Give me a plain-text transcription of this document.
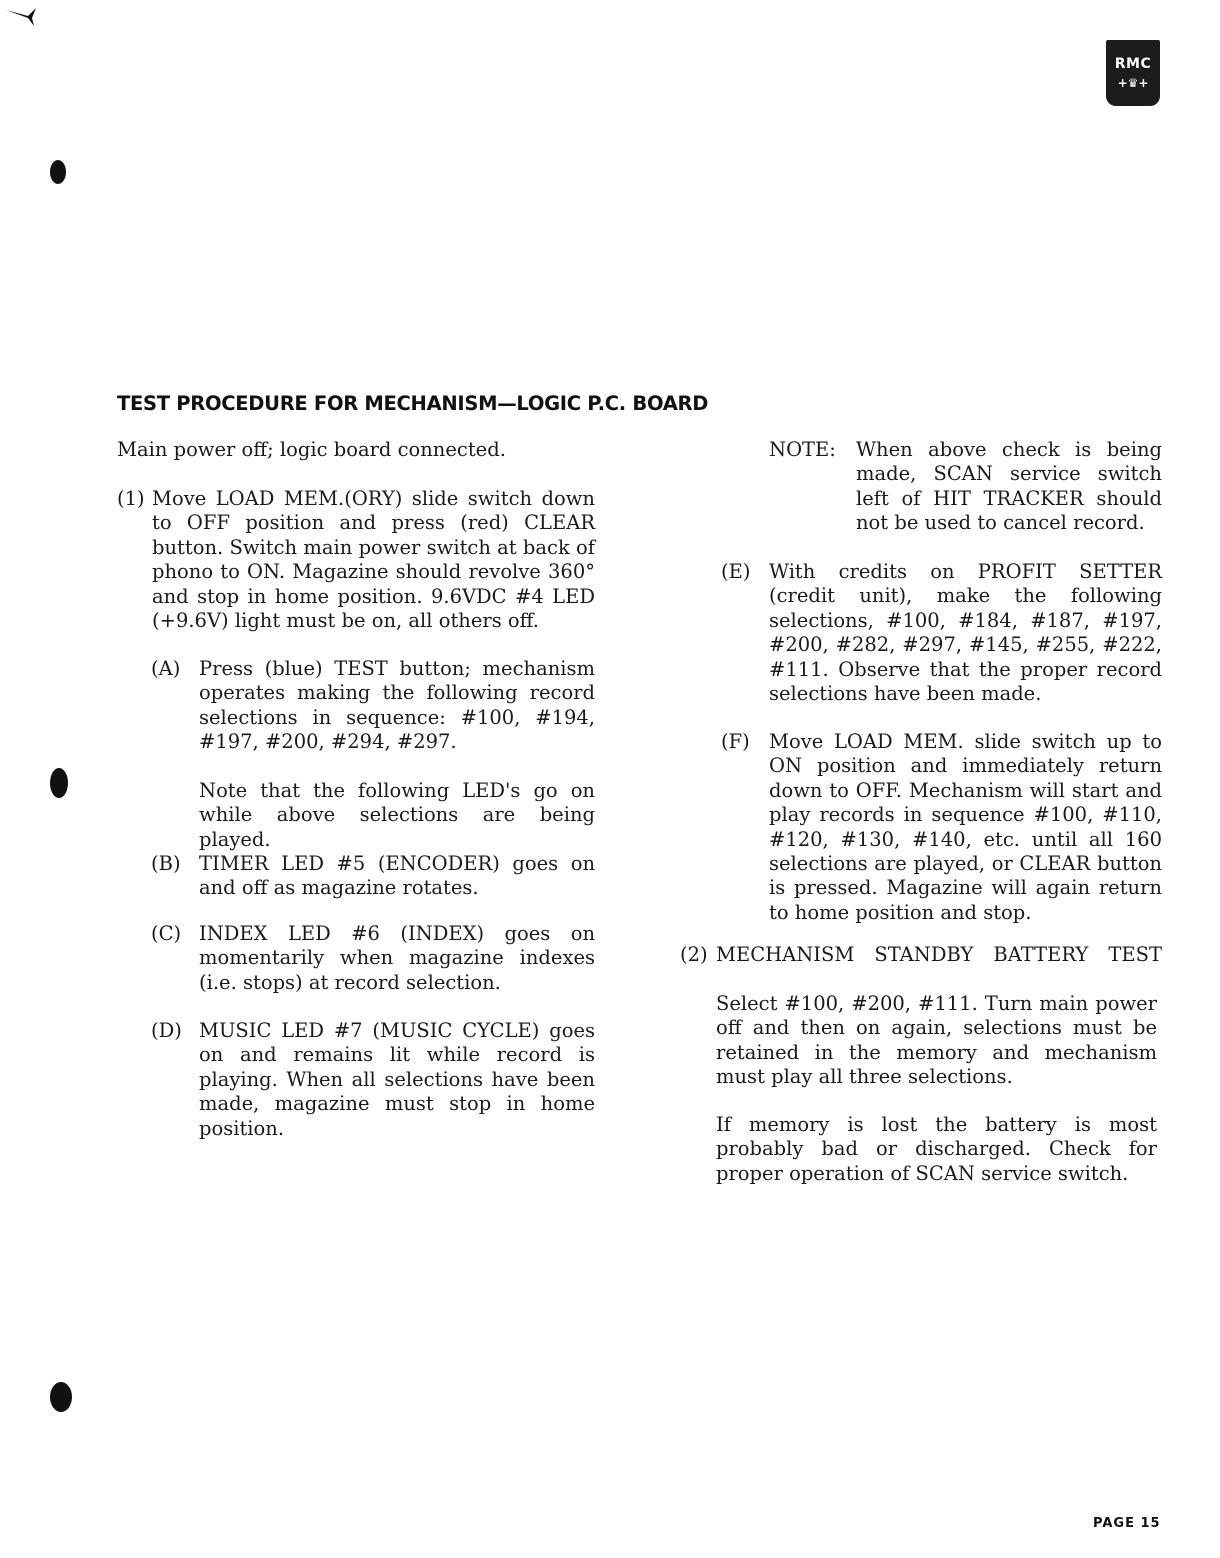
RMC
+♛+
TEST PROCEDURE FOR MECHANISM—LOGIC P.C. BOARD
Main power off; logic board connected.
(1) Move LOAD MEM.(ORY) slide switch down to OFF position and press (red) CLEAR button. Switch main power switch at back of phono to ON. Magazine should revolve 360° and stop in home position. 9.6VDC #4 LED (+9.6V) light must be on, all others off.
(A) Press (blue) TEST button; mechanism operates making the following record selections in sequence: #100, #194, #197, #200, #294, #297.
Note that the following LED's go on while above selections are being played.
(B) TIMER LED #5 (ENCODER) goes on and off as magazine rotates.
(C) INDEX LED #6 (INDEX) goes on momentarily when magazine indexes (i.e. stops) at record selection.
(D) MUSIC LED #7 (MUSIC CYCLE) goes on and remains lit while record is playing. When all selections have been made, magazine must stop in home position.
NOTE: When above check is being made, SCAN service switch left of HIT TRACKER should not be used to cancel record.
(E) With credits on PROFIT SETTER (credit unit), make the following selections, #100, #184, #187, #197, #200, #282, #297, #145, #255, #222, #111. Observe that the proper record selections have been made.
(F) Move LOAD MEM. slide switch up to ON position and immediately return down to OFF. Mechanism will start and play records in sequence #100, #110, #120, #130, #140, etc. until all 160 selections are played, or CLEAR button is pressed. Magazine will again return to home position and stop.
(2) MECHANISM STANDBY BATTERY TEST
Select #100, #200, #111. Turn main power off and then on again, selections must be retained in the memory and mechanism must play all three selections.
If memory is lost the battery is most probably bad or discharged. Check for proper operation of SCAN service switch.
PAGE 15
